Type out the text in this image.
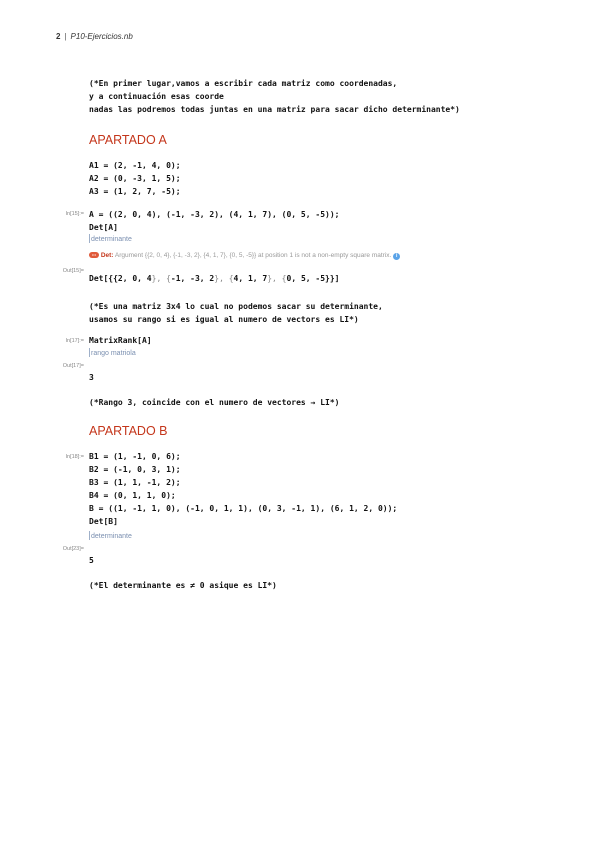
2 | P10-Ejercicios.nb
(*En primer lugar,vamos a escribir cada matriz como coordenadas,
y a continuación esas coorde
nadas las podremos todas juntas en una matriz para sacar dicho determinante*)
APARTADO A
A1 = (2, -1, 4, 0);
A2 = (0, -3, 1, 5);
A3 = (1, 2, 7, -5);
In[15]:= A = ((2, 0, 4), (-1, -3, 2), (4, 1, 7), (0, 5, -5));
Det[A]
determinante
••• Det: Argument {{2, 0, 4}, {-1, -3, 2}, {4, 1, 7}, {0, 5, -5}} at position 1 is not a non-empty square matrix. i
Out[15]=
Det[{{2, 0, 4}, {-1, -3, 2}, {4, 1, 7}, {0, 5, -5}}]
(*Es una matriz 3x4 lo cual no podemos sacar su determinante,
usamos su rango si es igual al numero de vectors es LI*)
In[17]:= MatrixRank[A]
rango matriola
Out[17]=
3
(*Rango 3, coincide con el numero de vectores → LI*)
APARTADO B
In[18]:= B1 = (1, -1, 0, 6);
B2 = (-1, 0, 3, 1);
B3 = (1, 1, -1, 2);
B4 = (0, 1, 1, 0);
B = ((1, -1, 1, 0), (-1, 0, 1, 1), (0, 3, -1, 1), (6, 1, 2, 0));
Det[B]
determinante
Out[23]=
5
(*El determinante es ≠ 0 asique es LI*)
